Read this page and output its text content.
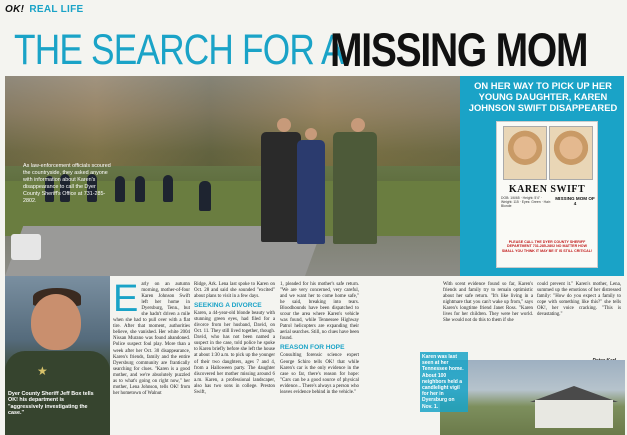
OK! REAL LIFE
THE SEARCH FOR A
MISSING MOM
As law-enforcement officials scoured the countryside, they asked anyone with information about Karen's disappearance to call the Dyer County Sheriff's Office at 731-285-2802.
ON HER WAY TO PICK UP HER YOUNG DAUGHTER, KAREN JOHNSON SWIFT DISAPPEARED
KAREN SWIFT
DOB: 1/6/65 · Height: 5'4" · Weight: 115 · Eyes: Green · Hair: Blonde
MISSING MOM OF 4
PLEASE CALL THE DYER COUNTY SHERIFF DEPARTMENT 731-285-2802 NO MATTER HOW SMALL YOU THINK IT MAY BE IT IS STILL CRITICAL!
★
Dyer County Sheriff Jeff Box tells OK! his department is "aggressively investigating the case."
E arly on an autumn morning, mother-of-four Karen Johnson Swift left her home in Dyersburg, Tenn., but she hadn't driven a mile when she had to pull over with a flat tire. After that moment, authorities believe, she vanished. Her white 2004 Nissan Murano was found abandoned. Police suspect foul play. More than a week after her Oct. 30 disappearance, Karen's friends, family and the entire Dyersburg community are frantically searching for clues. "Karen is a good mother, and we're absolutely puzzled as to what's going on right now," her mother, Lena Johnson, tells OK! from her hometown of Walnut
Ridge, Ark. Lena last spoke to Karen on Oct. 28 and said she sounded "excited" about plans to visit in a few days.
SEEKING A DIVORCE
Karen, a 44-year-old blonde beauty with stunning green eyes, had filed for a divorce from her husband, David, on Oct. 11. They still lived together, though. David, who has not been named a suspect in the case, told police he spoke to Karen briefly before she left the house at about 1:30 a.m. to pick up the younger of their two daughters, ages 7 and 4, from a Halloween party. The daughter discovered her mother missing around 6 a.m. Karen, a professional landscaper, also has two sons in college. Preston Swift,
1, pleaded for his mother's safe return. "We are very concerned, very careful, and we want her to come home safe," he said, breaking into tears. Bloodhounds have been dispatched to scour the area where Karen's vehicle was found, while Tennessee Highway Patrol helicopters are expanding their aerial searches. Still, no clues have been found.
REASON FOR HOPE
Consulting forensic science expert George Schiro tells OK! that while Karen's car is the only evidence in the case so far, there's reason for hope: "Cars can be a good source of physical evidence... There's always a person who leaves evidence behind in the vehicle."
With scent evidence found so far, Karen's friends and family try to remain optimistic about her safe return. "It's like living in a nightmare that you can't wake up from," says Karen's longtime friend Janet Ross. "Karen lives for her children. They were her world. She would not do this to them if she
could prevent it." Karen's mother, Lena, summed up the emotions of her distressed family: "How do you expect a family to cope with something like this?" she tells OK!, her voice cracking. "This is devastating."
Karen was last seen at her Tennessee home. About 100 neighbors held a candlelight vigil for her in Dyersburg on Nov. 1.
